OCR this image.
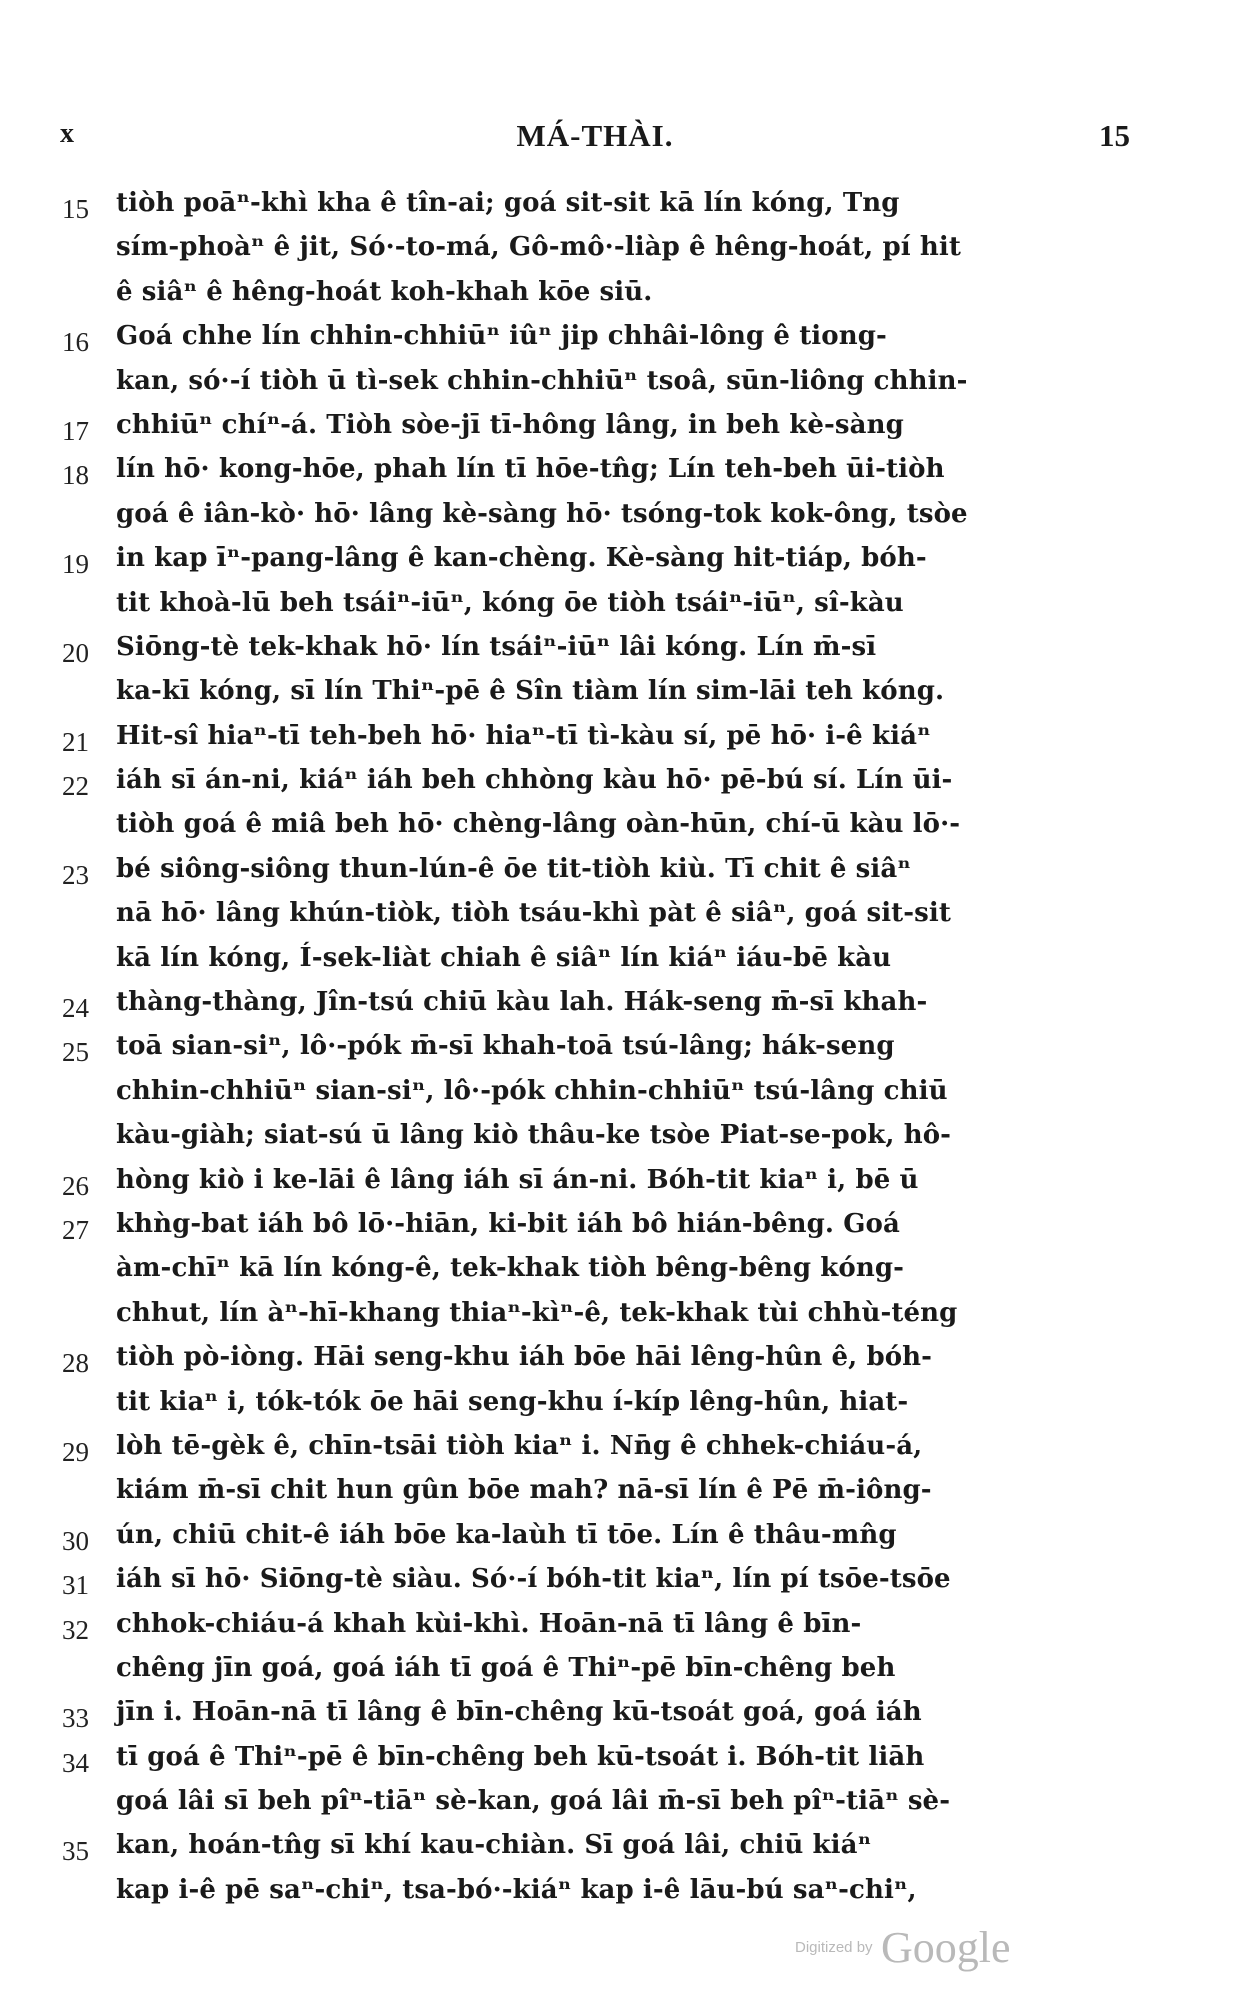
x	MÁ-THÀI.	15
15	tiòh poāⁿ-khì kha ê tîn-ai; goá sit-sit kā lín kóng, Tng
sím-phoàⁿ ê jit, Só·-to-má, Gô-mô·-liàp ê hêng-hoát, pí hit
ê siâⁿ ê hêng-hoát koh-khah kōe siū.
16	Goá chhe lín chhin-chhiūⁿ iûⁿ jip chhâi-lông ê tiong-
kan, só·-í tiòh ū tì-sek chhin-chhiūⁿ tsoâ, sūn-liông chhin-
17	chhiūⁿ chíⁿ-á. Tiòh sòe-jī tī-hông lâng, in beh kè-sàng
18	lín hō· kong-hōe, phah lín tī hōe-tn̂g; Lín teh-beh ūi-tiòh
goá ê iân-kò· hō· lâng kè-sàng hō· tsóng-tok kok-ông, tsòe
19	in kap īⁿ-pang-lâng ê kan-chèng. Kè-sàng hit-tiáp, bóh-
tit khoà-lū beh tsáiⁿ-iūⁿ, kóng ōe tiòh tsáiⁿ-iūⁿ, sî-kàu
20	Siōng-tè tek-khak hō· lín tsáiⁿ-iūⁿ lâi kóng. Lín m̄-sī
ka-kī kóng, sī lín Thiⁿ-pē ê Sîn tiàm lín sim-lāi teh kóng.
21	Hit-sî hiaⁿ-tī teh-beh hō· hiaⁿ-tī tì-kàu sí, pē hō· i-ê kiáⁿ
22	iáh sī án-ni, kiáⁿ iáh beh chhòng kàu hō· pē-bú sí. Lín ūi-
tiòh goá ê miâ beh hō· chèng-lâng oàn-hūn, chí-ū kàu lō·-
23	bé siông-siông thun-lún-ê ōe tit-tiòh kiù. Tī chit ê siâⁿ
nā hō· lâng khún-tiòk, tiòh tsáu-khì pàt ê siâⁿ, goá sit-sit
kā lín kóng, Í-sek-liàt chiah ê siâⁿ lín kiáⁿ iáu-bē kàu
24	thàng-thàng, Jîn-tsú chiū kàu lah. Hák-seng m̄-sī khah-
25	toā sian-siⁿ, lô·-pók m̄-sī khah-toā tsú-lâng; hák-seng
chhin-chhiūⁿ sian-siⁿ, lô·-pók chhin-chhiūⁿ tsú-lâng chiū
kàu-giàh; siat-sú ū lâng kiò thâu-ke tsòe Piat-se-pok, hô-
26	hòng kiò i ke-lāi ê lâng iáh sī án-ni. Bóh-tit kiaⁿ i, bē ū
27	khǹg-bat iáh bô lō·-hiān, ki-bit iáh bô hián-bêng. Goá
àm-chīⁿ kā lín kóng-ê, tek-khak tiòh bêng-bêng kóng-
chhut, lín àⁿ-hī-khang thiaⁿ-kìⁿ-ê, tek-khak tùi chhù-téng
28	tiòh pò-iòng. Hāi seng-khu iáh bōe hāi lêng-hûn ê, bóh-
tit kiaⁿ i, tók-tók ōe hāi seng-khu í-kíp lêng-hûn, hiat-
29	lòh tē-gèk ê, chīn-tsāi tiòh kiaⁿ i. Nn̄g ê chhek-chiáu-á,
kiám m̄-sī chit hun gûn bōe mah? nā-sī lín ê Pē m̄-iông-
30	ún, chiū chit-ê iáh bōe ka-laùh tī tōe. Lín ê thâu-mn̂g
31	iáh sī hō· Siōng-tè siàu. Só·-í bóh-tit kiaⁿ, lín pí tsōe-tsōe
32	chhok-chiáu-á khah kùi-khì. Hoān-nā tī lâng ê bīn-
chêng jīn goá, goá iáh tī goá ê Thiⁿ-pē bīn-chêng beh
33	jīn i. Hoān-nā tī lâng ê bīn-chêng kū-tsoát goá, goá iáh
34	tī goá ê Thiⁿ-pē ê bīn-chêng beh kū-tsoát i. Bóh-tit liāh
goá lâi sī beh pîⁿ-tiāⁿ sè-kan, goá lâi m̄-sī beh pîⁿ-tiāⁿ sè-
35	kan, hoán-tn̂g sī khí kau-chiàn. Sī goá lâi, chiū kiáⁿ
kap i-ê pē saⁿ-chiⁿ, tsa-bó·-kiáⁿ kap i-ê lāu-bú saⁿ-chiⁿ,
Digitized by Google
